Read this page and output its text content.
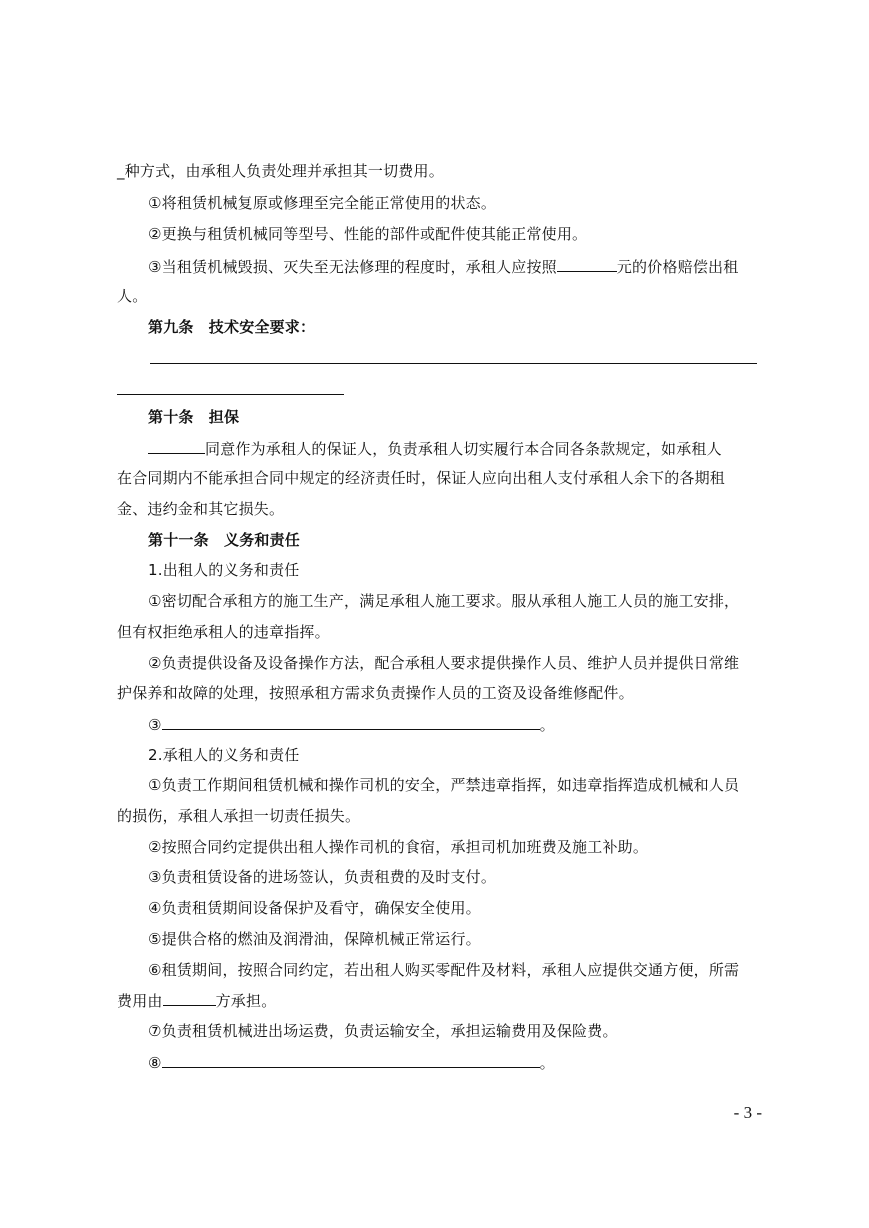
_种方式，由承租人负责处理并承担其一切费用。
①将租赁机械复原或修理至完全能正常使用的状态。
②更换与租赁机械同等型号、性能的部件或配件使其能正常使用。
③当租赁机械毁损、灭失至无法修理的程度时，承租人应按照	元的价格赔偿出租
人。
第九条　技术安全要求：
第十条　担保
同意作为承租人的保证人，负责承租人切实履行本合同各条款规定，如承租人
在合同期内不能承担合同中规定的经济责任时，保证人应向出租人支付承租人余下的各期租
金、违约金和其它损失。
第十一条　义务和责任
1.出租人的义务和责任
①密切配合承租方的施工生产，满足承租人施工要求。服从承租人施工人员的施工安排，
但有权拒绝承租人的违章指挥。
②负责提供设备及设备操作方法，配合承租人要求提供操作人员、维护人员并提供日常维
护保养和故障的处理，按照承租方需求负责操作人员的工资及设备维修配件。
③	。
2.承租人的义务和责任
①负责工作期间租赁机械和操作司机的安全，严禁违章指挥，如违章指挥造成机械和人员
的损伤，承租人承担一切责任损失。
②按照合同约定提供出租人操作司机的食宿，承担司机加班费及施工补助。
③负责租赁设备的进场签认，负责租费的及时支付。
④负责租赁期间设备保护及看守，确保安全使用。
⑤提供合格的燃油及润滑油，保障机械正常运行。
⑥租赁期间，按照合同约定，若出租人购买零配件及材料，承租人应提供交通方便，所需
费用由	方承担。
⑦负责租赁机械进出场运费，负责运输安全，承担运输费用及保险费。
⑧	。
- 3 -
